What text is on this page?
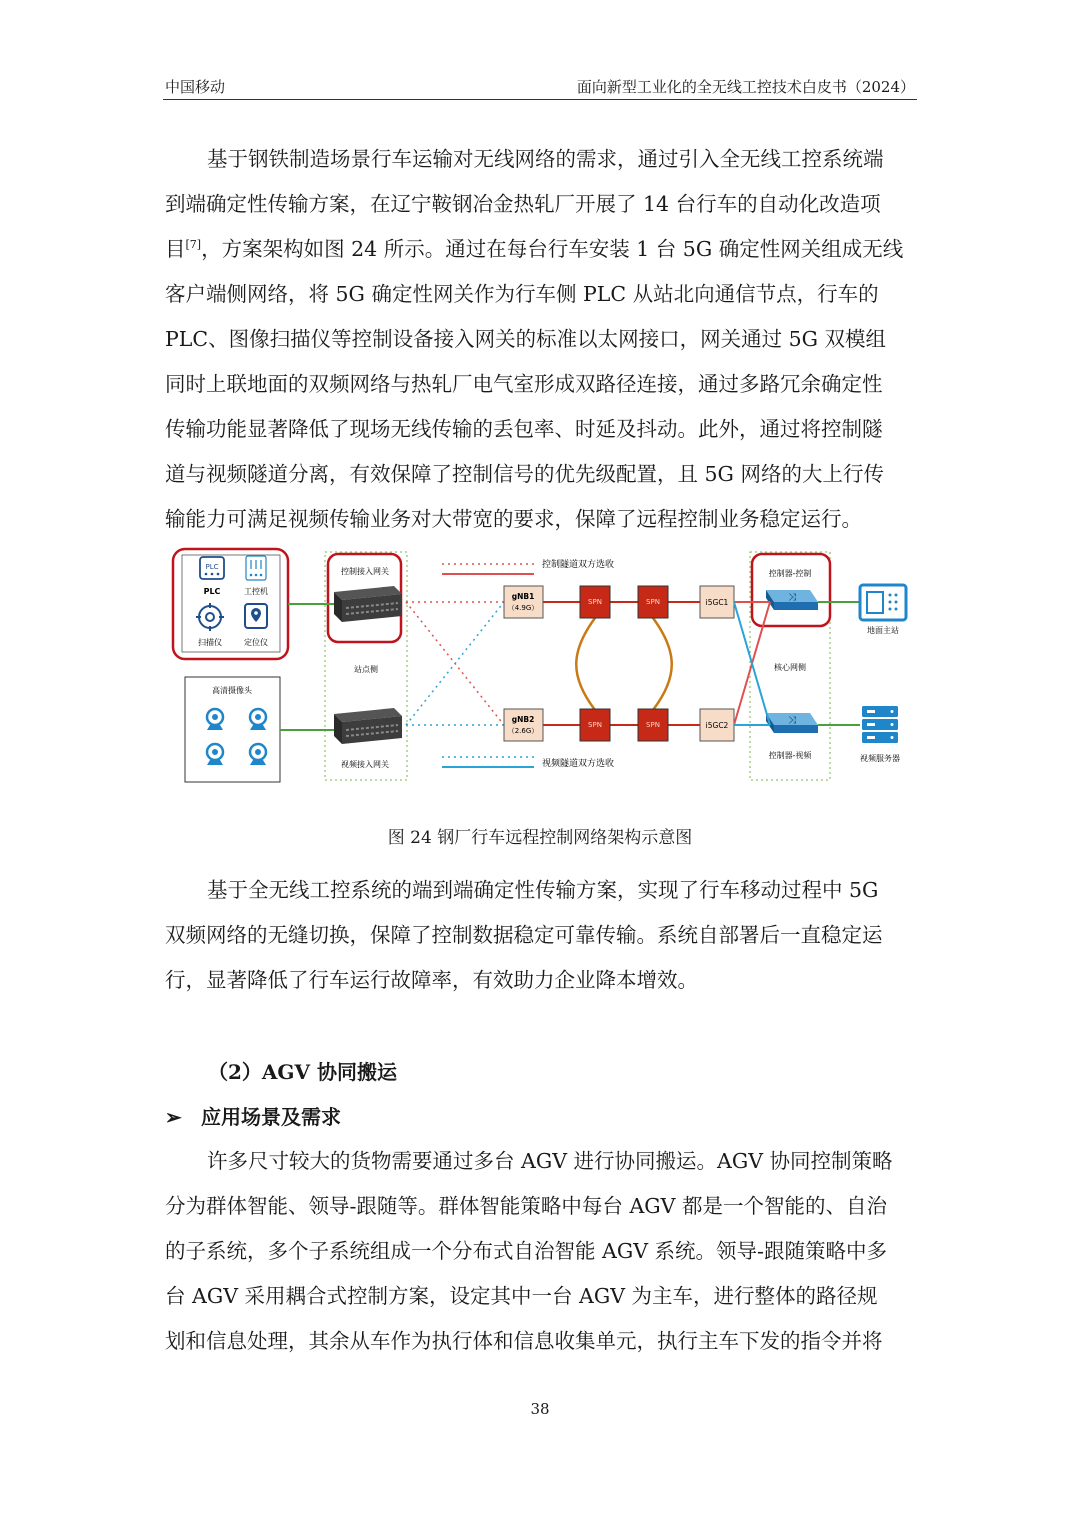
中国移动	面向新型工业化的全无线工控技术白皮书（2024）
基于钢铁制造场景行车运输对无线网络的需求，通过引入全无线工控系统端
到端确定性传输方案，在辽宁鞍钢冶金热轧厂开展了 14 台行车的自动化改造项
目[7]，方案架构如图 24 所示。通过在每台行车安装 1 台 5G 确定性网关组成无线
客户端侧网络，将 5G 确定性网关作为行车侧 PLC 从站北向通信节点，行车的
PLC、图像扫描仪等控制设备接入网关的标准以太网接口，网关通过 5G 双模组
同时上联地面的双频网络与热轧厂电气室形成双路径连接，通过多路冗余确定性
传输功能显著降低了现场无线传输的丢包率、时延及抖动。此外，通过将控制隧
道与视频隧道分离，有效保障了控制信号的优先级配置，且 5G 网络的大上行传
输能力可满足视频传输业务对大带宽的要求，保障了远程控制业务稳定运行。
控制隧道双方选收
视频隧道双方选收
PLC
PLC	工控机
扫描仪	定位仪
高清摄像头
站点侧
控制接入网关
视频接入网关
gNB1
（4.9G）
gNB2
（2.6G）
SPN	SPN
SPN	SPN
i5GC1
i5GC2
核心网侧
控制器-控制
⤨
控制器-视频
⤨
地面主站
视频服务器
图 24 钢厂行车远程控制网络架构示意图
基于全无线工控系统的端到端确定性传输方案，实现了行车移动过程中 5G
双频网络的无缝切换，保障了控制数据稳定可靠传输。系统自部署后一直稳定运
行，显著降低了行车运行故障率，有效助力企业降本增效。
（2）AGV 协同搬运
➢ 应用场景及需求
许多尺寸较大的货物需要通过多台 AGV 进行协同搬运。AGV 协同控制策略
分为群体智能、领导-跟随等。群体智能策略中每台 AGV 都是一个智能的、自治
的子系统，多个子系统组成一个分布式自治智能 AGV 系统。领导-跟随策略中多
台 AGV 采用耦合式控制方案，设定其中一台 AGV 为主车，进行整体的路径规
划和信息处理，其余从车作为执行体和信息收集单元，执行主车下发的指令并将
38
